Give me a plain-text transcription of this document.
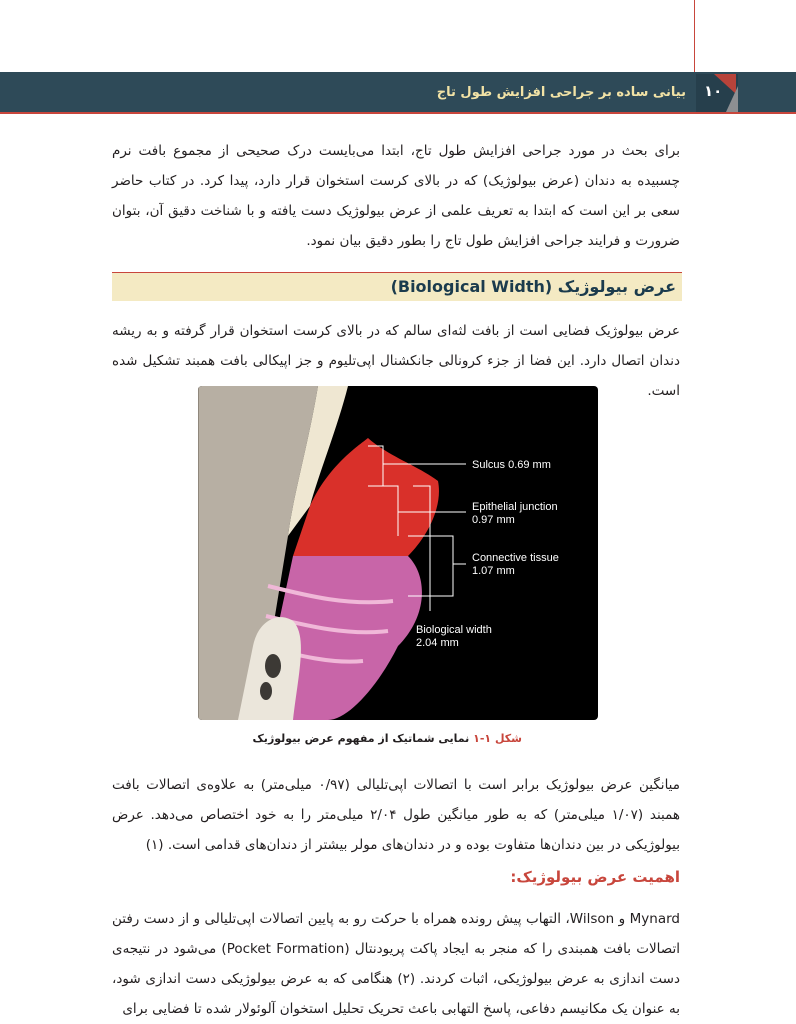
بیانی ساده بر جراحی افزایش طول تاج ۱۰

برای بحث در مورد جراحی افزایش طول تاج، ابتدا می‌بایست درک صحیحی از مجموع بافت نرم چسبیده به دندان (عرض بیولوژیک) که در بالای کرست استخوان قرار دارد، پیدا کرد. در کتاب حاضر سعی بر این است که ابتدا به تعریف علمی از عرض بیولوژیک دست یافته و با شناخت دقیق آن، بتوان ضرورت و فرایند جراحی افزایش طول تاج را بطور دقیق بیان نمود.

عرض بیولوژیک (Biological Width)

عرض بیولوژیک فضایی است از بافت لثه‌ای سالم که در بالای کرست استخوان قرار گرفته و به ریشه دندان اتصال دارد. این فضا از جزء کرونالی جانکشنال اپی‌تلیوم و جز اپیکالی بافت همبند تشکیل شده است.

Sulcus 0.69 mm
Epithelial junction
0.97 mm
Connective tissue
1.07 mm
Biological width
2.04 mm
شکل ۱-۱ نمایی شماتیک از مفهوم عرض بیولوژیک

میانگین عرض بیولوژیک برابر است با اتصالات اپی‌تلیالی (۰/۹۷ میلی‌متر) به علاوه‌ی اتصالات بافت همبند (۱/۰۷ میلی‌متر) که به طور میانگین طول ۲/۰۴ میلی‌متر را به خود اختصاص می‌دهد. عرض بیولوژیکی در بین دندان‌ها متفاوت بوده و در دندان‌های مولر بیشتر از دندان‌های قدامی است. (۱)

اهمیت عرض بیولوژیک:

Mynard و Wilson، التهاب پیش رونده همراه با حرکت رو به پایین اتصالات اپی‌تلیالی و از دست رفتن اتصالات بافت همبندی را که منجر به ایجاد پاکت پریودنتال (Pocket Formation) می‌شود در نتیجه‌ی دست اندازی به عرض بیولوژیکی، اثبات کردند. (۲) هنگامی که به عرض بیولوژیکی دست اندازی شود، به عنوان یک مکانیسم دفاعی، پاسخ التهابی باعث تحریک تحلیل استخوان آلوئولار شده تا فضایی برای
